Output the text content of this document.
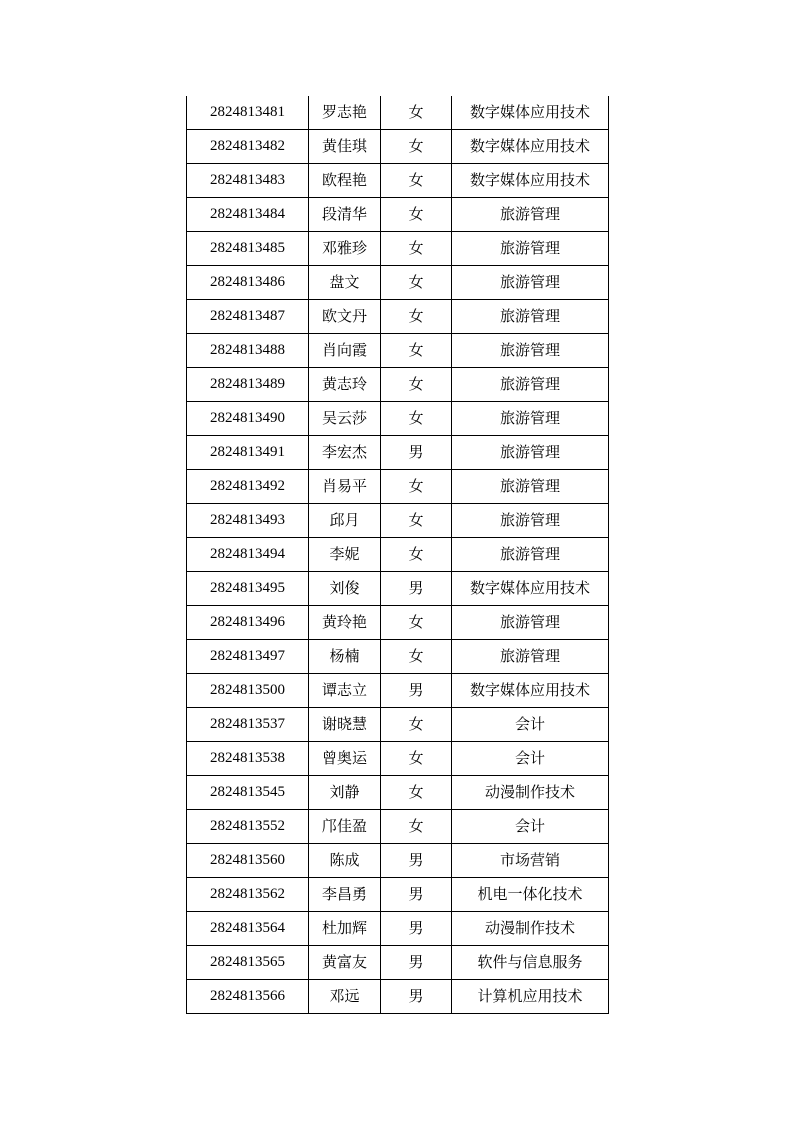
2824813481	罗志艳	女	数字媒体应用技术
2824813482	黄佳琪	女	数字媒体应用技术
2824813483	欧程艳	女	数字媒体应用技术
2824813484	段清华	女	旅游管理
2824813485	邓雅珍	女	旅游管理
2824813486	盘文	女	旅游管理
2824813487	欧文丹	女	旅游管理
2824813488	肖向霞	女	旅游管理
2824813489	黄志玲	女	旅游管理
2824813490	吴云莎	女	旅游管理
2824813491	李宏杰	男	旅游管理
2824813492	肖易平	女	旅游管理
2824813493	邱月	女	旅游管理
2824813494	李妮	女	旅游管理
2824813495	刘俊	男	数字媒体应用技术
2824813496	黄玲艳	女	旅游管理
2824813497	杨楠	女	旅游管理
2824813500	谭志立	男	数字媒体应用技术
2824813537	谢晓慧	女	会计
2824813538	曾奥运	女	会计
2824813545	刘静	女	动漫制作技术
2824813552	邝佳盈	女	会计
2824813560	陈成	男	市场营销
2824813562	李昌勇	男	机电一体化技术
2824813564	杜加辉	男	动漫制作技术
2824813565	黄富友	男	软件与信息服务
2824813566	邓远	男	计算机应用技术
